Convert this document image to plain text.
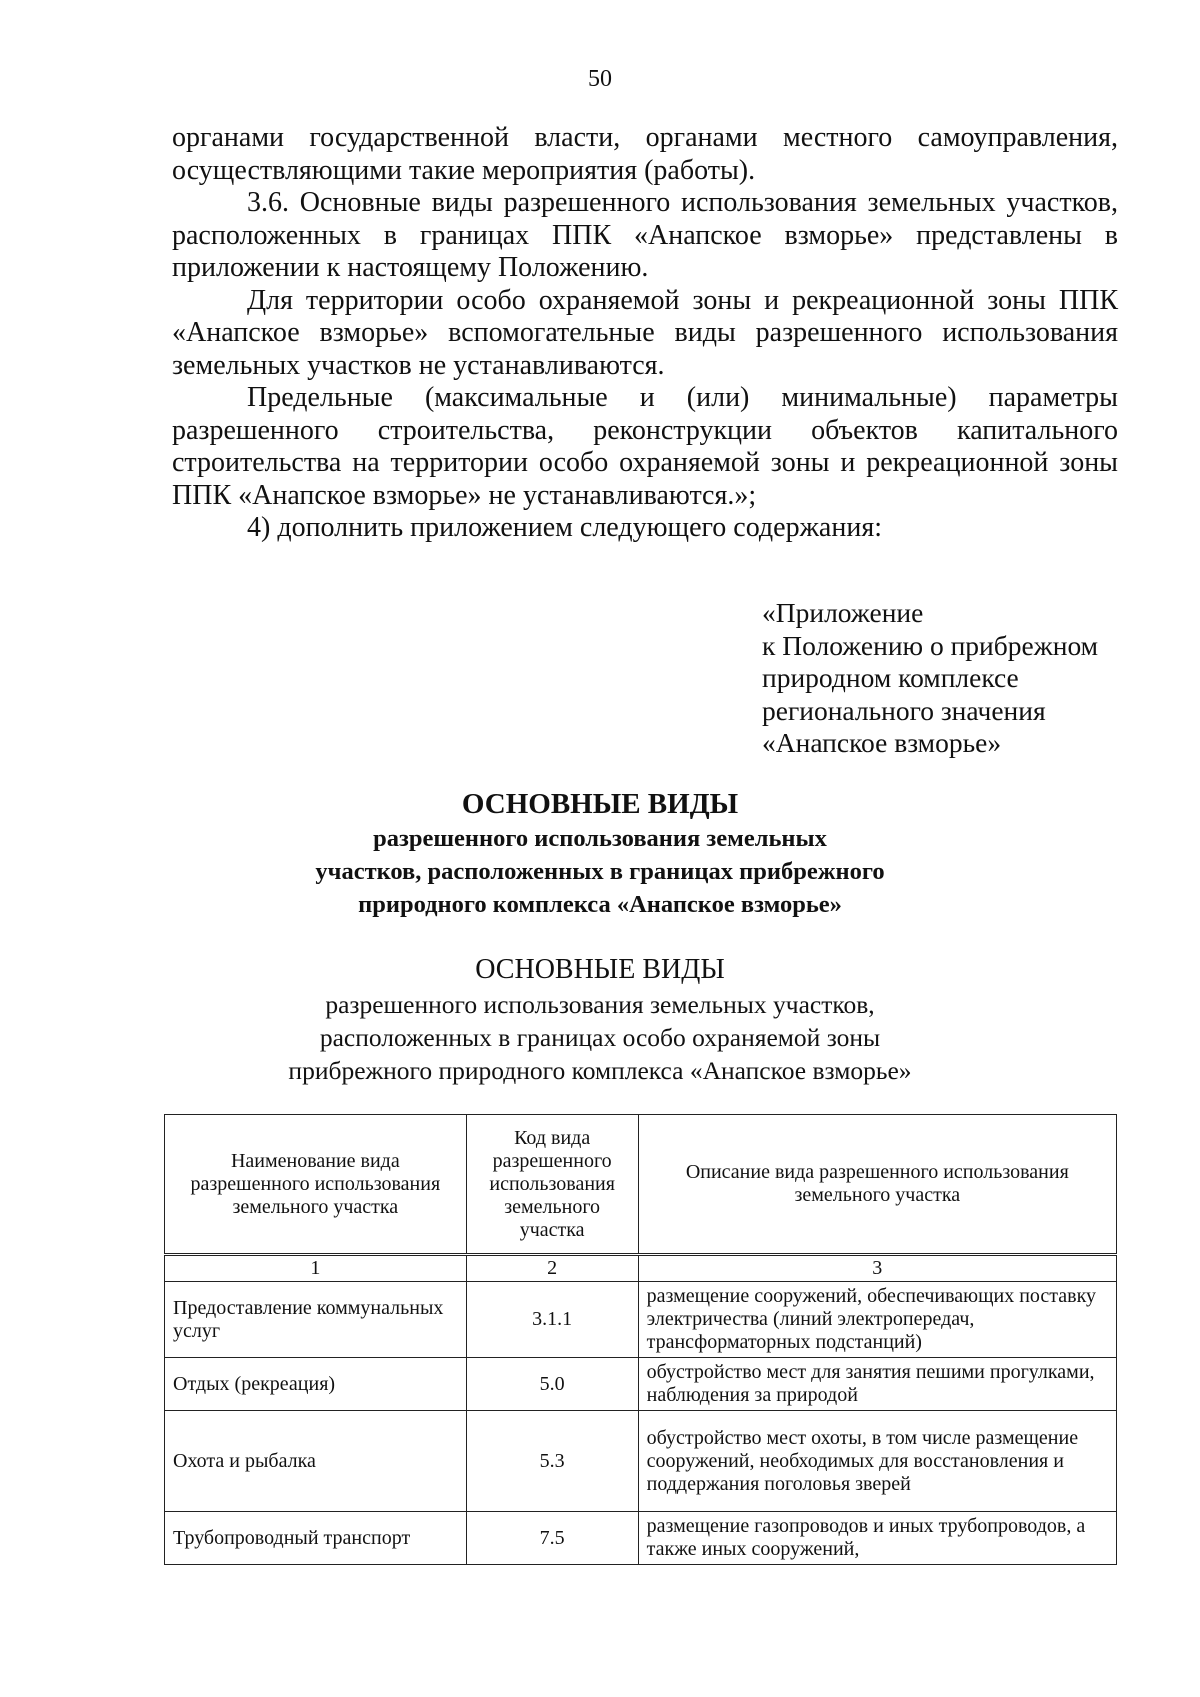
50

органами государственной власти, органами местного самоуправления, осуществляющими такие мероприятия (работы).

3.6. Основные виды разрешенного использования земельных участков, расположенных в границах ППК «Анапское взморье» представлены в приложении к настоящему Положению.

Для территории особо охраняемой зоны и рекреационной зоны ППК «Анапское взморье» вспомогательные виды разрешенного использования земельных участков не устанавливаются.

Предельные (максимальные и (или) минимальные) параметры разрешенного строительства, реконструкции объектов капитального строительства на территории особо охраняемой зоны и рекреационной зоны ППК «Анапское взморье» не устанавливаются.»;

4) дополнить приложением следующего содержания:

«Приложение
к Положению о прибрежном
природном комплексе
регионального значения
«Анапское взморье»
ОСНОВНЫЕ ВИДЫ
разрешенного использования земельных
участков, расположенных в границах прибрежного
природного комплекса «Анапское взморье»
ОСНОВНЫЕ ВИДЫ
разрешенного использования земельных участков,
расположенных в границах особо охраняемой зоны
прибрежного природного комплекса «Анапское взморье»
Наименование вида разрешенного использования земельного участка	Код вида разрешенного использования земельного участка	Описание вида разрешенного использования земельного участка
1	2	3
Предоставление коммунальных услуг	3.1.1	размещение сооружений, обеспечивающих поставку электричества (линий электропередач, трансформаторных подстанций)
Отдых (рекреация)	5.0	обустройство мест для занятия пешими прогулками, наблюдения за природой
Охота и рыбалка	5.3	обустройство мест охоты, в том числе размещение сооружений, необходимых для восстановления и поддержания поголовья зверей
Трубопроводный транспорт	7.5	размещение газопроводов и иных трубопроводов, а также иных сооружений,
